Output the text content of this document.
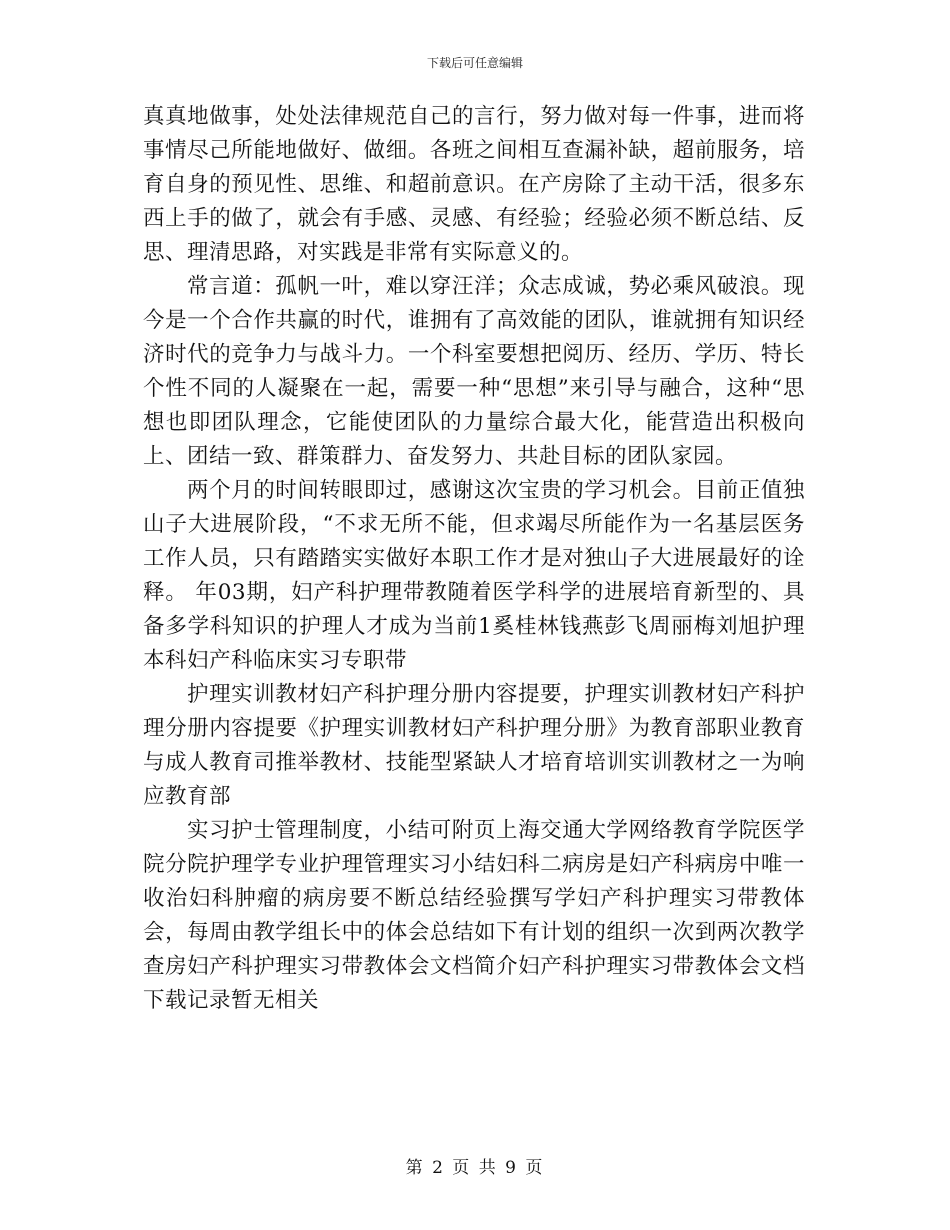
下载后可任意编辑

真真地做事，处处法律规范自己的言行，努力做对每一件事，进而将事情尽己所能地做好、做细。各班之间相互查漏补缺，超前服务，培育自身的预见性、思维、和超前意识。在产房除了主动干活，很多东西上手的做了，就会有手感、灵感、有经验；经验必须不断总结、反思、理清思路，对实践是非常有实际意义的。

常言道：孤帆一叶，难以穿汪洋；众志成诚，势必乘风破浪。现今是一个合作共赢的时代，谁拥有了高效能的团队，谁就拥有知识经济时代的竞争力与战斗力。一个科室要想把阅历、经历、学历、特长个性不同的人凝聚在一起，需要一种“思想”来引导与融合，这种“思想也即团队理念，它能使团队的力量综合最大化，能营造出积极向上、团结一致、群策群力、奋发努力、共赴目标的团队家园。

两个月的时间转眼即过，感谢这次宝贵的学习机会。目前正值独山子大进展阶段，“不求无所不能，但求竭尽所能作为一名基层医务工作人员，只有踏踏实实做好本职工作才是对独山子大进展最好的诠释。 年03期，妇产科护理带教随着医学科学的进展培育新型的、具备多学科知识的护理人才成为当前1奚桂林钱燕彭飞周丽梅刘旭护理本科妇产科临床实习专职带

护理实训教材妇产科护理分册内容提要，护理实训教材妇产科护理分册内容提要《护理实训教材妇产科护理分册》为教育部职业教育与成人教育司推举教材、技能型紧缺人才培育培训实训教材之一为响应教育部

实习护士管理制度，小结可附页上海交通大学网络教育学院医学院分院护理学专业护理管理实习小结妇科二病房是妇产科病房中唯一收治妇科肿瘤的病房要不断总结经验撰写学妇产科护理实习带教体会，每周由教学组长中的体会总结如下有计划的组织一次到两次教学查房妇产科护理实习带教体会文档简介妇产科护理实习带教体会文档下载记录暂无相关

第 2 页 共 9 页
